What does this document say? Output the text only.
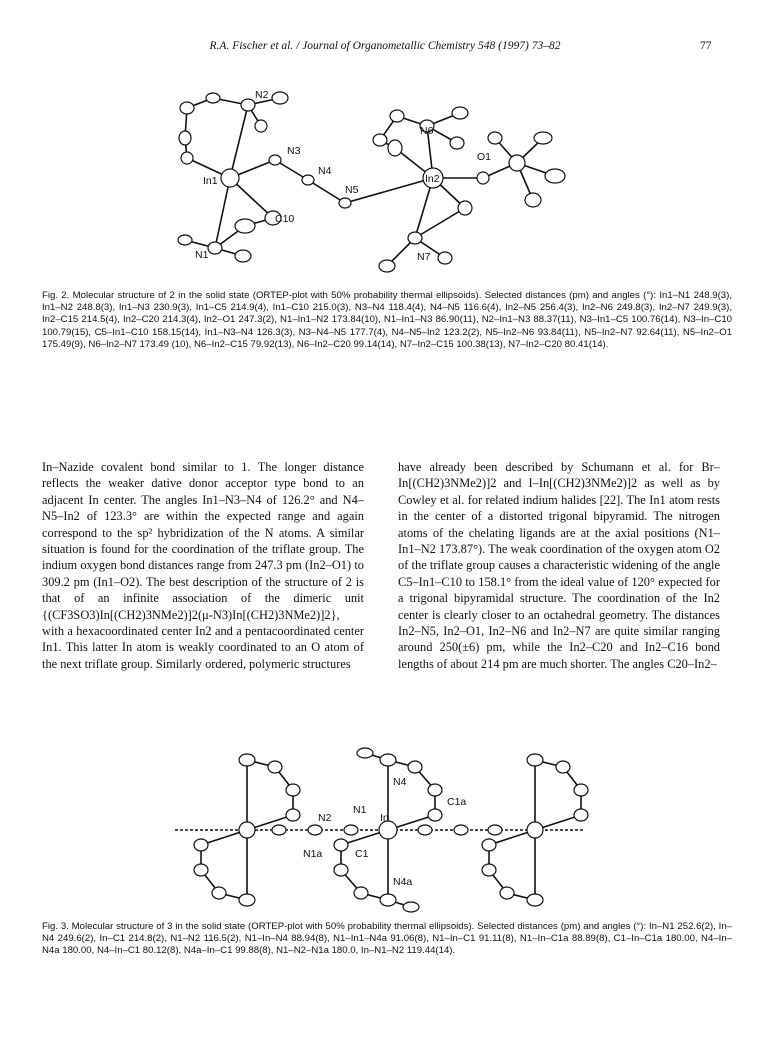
R.A. Fischer et al. / Journal of Organometallic Chemistry 548 (1997) 73–82	77
N2
N3
N4
N5
N6
O1
In1	In2
C10
N1	N7
Fig. 2. Molecular structure of 2 in the solid state (ORTEP-plot with 50% probability thermal ellipsoids). Selected distances (pm) and angles (°): In1–N1 248.9(3), In1–N2 248.8(3), In1–N3 230.9(3), In1–C5 214.9(4), In1–C10 215.0(3), N3–N4 118.4(4), N4–N5 116.6(4), In2–N5 256.4(3), In2–N6 249.8(3), In2–N7 249.9(3), In2–C15 214.5(4), In2–C20 214.3(4), In2–O1 247.3(2), N1–In1–N2 173.84(10), N1–In1–N3 86.90(11), N2–In1–N3 88.37(11), N3–In1–C5 100.76(14), N3–In–C10 100.79(15), C5–In1–C10 158.15(14), In1–N3–N4 126.3(3), N3–N4–N5 177.7(4), N4–N5–In2 123.2(2), N5–In2–N6 93.84(11), N5–In2–N7 92.64(11), N5–In2–O1 175.49(9), N6–In2–N7 173.49 (10), N6–In2–C15 79.92(13), N6–In2–C20 99.14(14), N7–In2–C15 100.38(13), N7–In2–C20 80.41(14).

In–Nazide covalent bond similar to 1. The longer distance reflects the weaker dative donor acceptor type bond to an adjacent In center. The angles In1–N3–N4 of 126.2° and N4–N5–In2 of 123.3° are within the expected range and again correspond to the sp² hybridization of the N atoms. A similar situation is found for the coordination of the triflate group. The indium oxygen bond distances range from 247.3 pm (In2–O1) to 309.2 pm (In1–O2). The best description of the structure of 2 is that of an infinite association of the dimeric unit {(CF3SO3)In[(CH2)3NMe2)]2(μ-N3)In[(CH2)3NMe2)]2}, with a hexacoordinated center In2 and a pentacoordinated center In1. This latter In atom is weakly coordinated to an O atom of the next triflate group. Similarly ordered, polymeric structures

have already been described by Schumann et al. for Br–In[(CH2)3NMe2)]2 and I–In[(CH2)3NMe2)]2 as well as by Cowley et al. for related indium halides [22]. The In1 atom rests in the center of a distorted trigonal bipyramid. The nitrogen atoms of the chelating ligands are at the axial positions (N1–In1–N2 173.87°). The weak coordination of the oxygen atom O2 of the triflate group causes a characteristic widening of the angle C5–In1–C10 to 158.1° from the ideal value of 120° expected for a trigonal bipyramidal structure. The coordination of the In2 center is clearly closer to an octahedral geometry. The distances In2–N5, In2–O1, In2–N6 and In2–N7 are quite similar ranging around 250(±6) pm, while the In2–C20 and In2–C16 bond lengths of about 214 pm are much shorter. The angles C20–In2–

N4
N1
C1a
N2	In
C1
N1a
N4a
Fig. 3. Molecular structure of 3 in the solid state (ORTEP-plot with 50% probability thermal ellipsoids). Selected distances (pm) and angles (°): In–N1 252.6(2), In–N4 249.6(2), In–C1 214.8(2), N1–N2 116.5(2), N1–In–N4 88.94(8), N1–In1–N4a 91.06(8), N1–In–C1 91.11(8), N1–In–C1a 88.89(8), C1–In–C1a 180.00, N4–In–N4a 180.00, N4–In–C1 80.12(8), N4a–In–C1 99.88(8), N1–N2–N1a 180.0, In–N1–N2 119.44(14).
